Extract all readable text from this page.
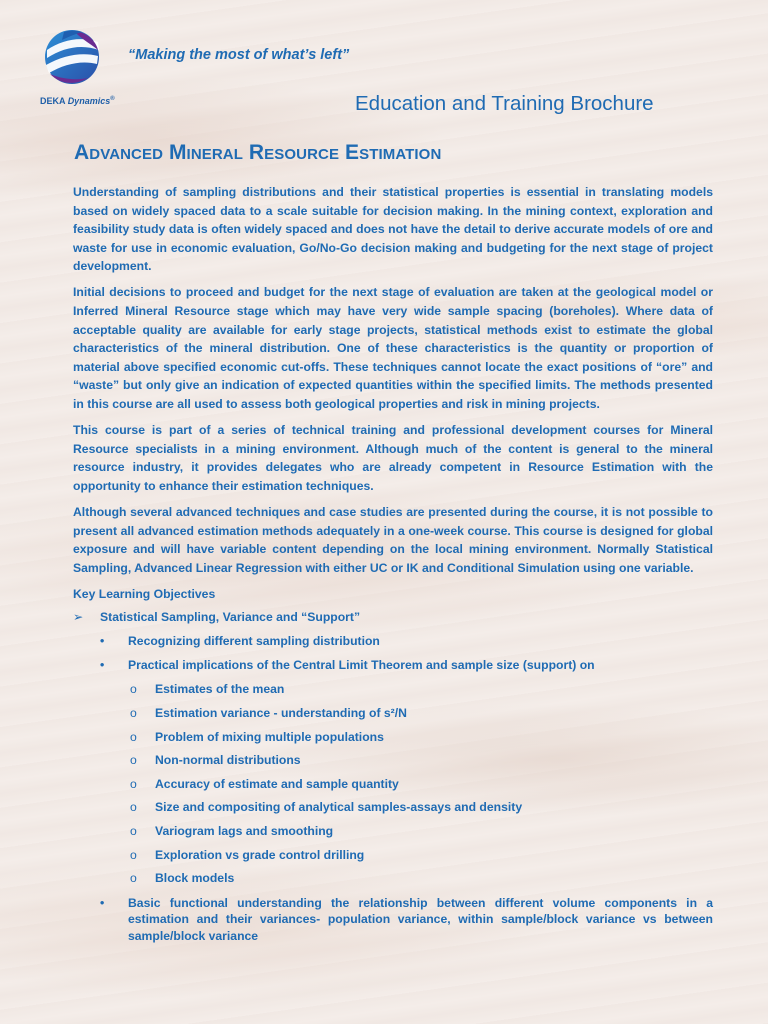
“Making the most of what’s left”
DEKA Dynamics®	Education and Training Brochure
Advanced Mineral Resource Estimation

Understanding of sampling distributions and their statistical properties is essential in translating models based on widely spaced data to a scale suitable for decision making. In the mining context, exploration and feasibility study data is often widely spaced and does not have the detail to derive accurate models of ore and waste for use in economic evaluation, Go/No-Go decision making and budgeting for the next stage of project development.

Initial decisions to proceed and budget for the next stage of evaluation are taken at the geological model or Inferred Mineral Resource stage which may have very wide sample spacing (boreholes). Where data of acceptable quality are available for early stage projects, statistical methods exist to estimate the global characteristics of the mineral distribution. One of these characteristics is the quantity or proportion of material above specified economic cut-offs. These techniques cannot locate the exact positions of “ore” and “waste” but only give an indication of expected quantities within the specified limits. The methods presented in this course are all used to assess both geological properties and risk in mining projects.

This course is part of a series of technical training and professional development courses for Mineral Resource specialists in a mining environment. Although much of the content is general to the mineral resource industry, it provides delegates who are already competent in Resource Estimation with the opportunity to enhance their estimation techniques.

Although several advanced techniques and case studies are presented during the course, it is not possible to present all advanced estimation methods adequately in a one-week course. This course is designed for global exposure and will have variable content depending on the local mining environment. Normally Statistical Sampling, Advanced Linear Regression with either UC or IK and Conditional Simulation using one variable.

Key Learning Objectives
➢ Statistical Sampling, Variance and “Support”
• Recognizing different sampling distribution
• Practical implications of the Central Limit Theorem and sample size (support) on
o Estimates of the mean
o Estimation variance - understanding of s²/N
o Problem of mixing multiple populations
o Non-normal distributions
o Accuracy of estimate and sample quantity
o Size and compositing of analytical samples-assays and density
o Variogram lags and smoothing
o Exploration vs grade control drilling
o Block models
• Basic functional understanding the relationship between different volume components in a estimation and their variances- population variance, within sample/block variance vs between sample/block variance
